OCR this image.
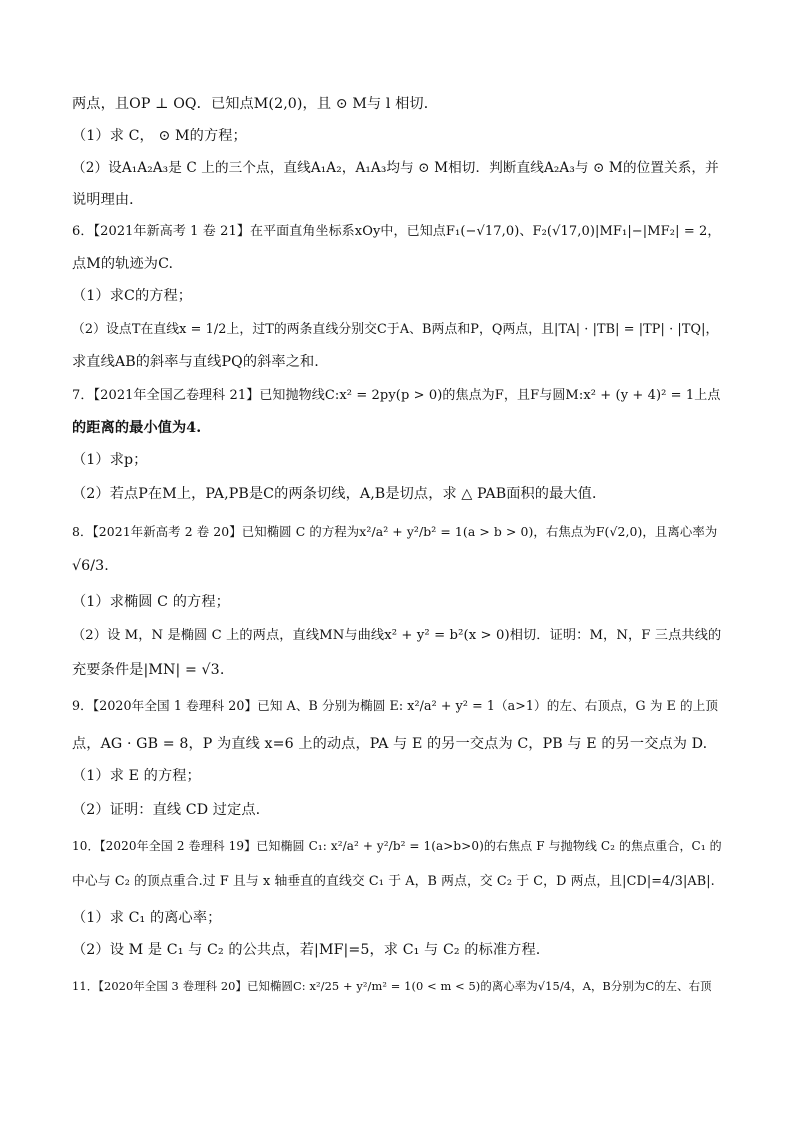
两点，且OP ⊥ OQ．已知点M(2,0)，且 ⊙ M与 l 相切．
（1）求 C， ⊙ M的方程；
（2）设A₁A₂A₃是 C 上的三个点，直线A₁A₂，A₁A₃均与 ⊙ M相切．判断直线A₂A₃与 ⊙ M的位置关系，并
说明理由．
6．【2021年新高考 1 卷 21】在平面直角坐标系xOy中，已知点F₁(−√17,0)、F₂(√17,0)|MF₁|−|MF₂| = 2，
点M的轨迹为C.
（1）求C的方程；
（2）设点T在直线x = 1/2上，过T的两条直线分别交C于A、B两点和P，Q两点，且|TA| · |TB| = |TP| · |TQ|，
求直线AB的斜率与直线PQ的斜率之和.
7．【2021年全国乙卷理科 21】已知抛物线C:x² = 2py(p > 0)的焦点为F，且F与圆M:x² + (y + 4)² = 1上点
的距离的最小值为4.
（1）求p；
（2）若点P在M上，PA,PB是C的两条切线，A,B是切点，求 △ PAB面积的最大值．
8．【2021年新高考 2 卷 20】已知椭圆 C 的方程为x²/a² + y²/b² = 1(a > b > 0)，右焦点为F(√2,0)，且离心率为
√6/3.
（1）求椭圆 C 的方程；
（2）设 M，N 是椭圆 C 上的两点，直线MN与曲线x² + y² = b²(x > 0)相切．证明：M，N，F 三点共线的
充要条件是|MN| = √3.
9．【2020年全国 1 卷理科 20】已知 A、B 分别为椭圆 E: x²/a² + y² = 1（a>1）的左、右顶点，G 为 E 的上顶
点，AG · GB = 8，P 为直线 x=6 上的动点，PA 与 E 的另一交点为 C，PB 与 E 的另一交点为 D.
（1）求 E 的方程；
（2）证明：直线 CD 过定点.
10．【2020年全国 2 卷理科 19】已知椭圆 C₁: x²/a² + y²/b² = 1(a>b>0)的右焦点 F 与抛物线 C₂ 的焦点重合，C₁ 的
中心与 C₂ 的顶点重合.过 F 且与 x 轴垂直的直线交 C₁ 于 A，B 两点，交 C₂ 于 C，D 两点，且|CD|=4/3|AB|.
（1）求 C₁ 的离心率；
（2）设 M 是 C₁ 与 C₂ 的公共点，若|MF|=5，求 C₁ 与 C₂ 的标准方程.
11．【2020年全国 3 卷理科 20】已知椭圆C: x²/25 + y²/m² = 1(0 < m < 5)的离心率为√15/4，A，B分别为C的左、右顶
